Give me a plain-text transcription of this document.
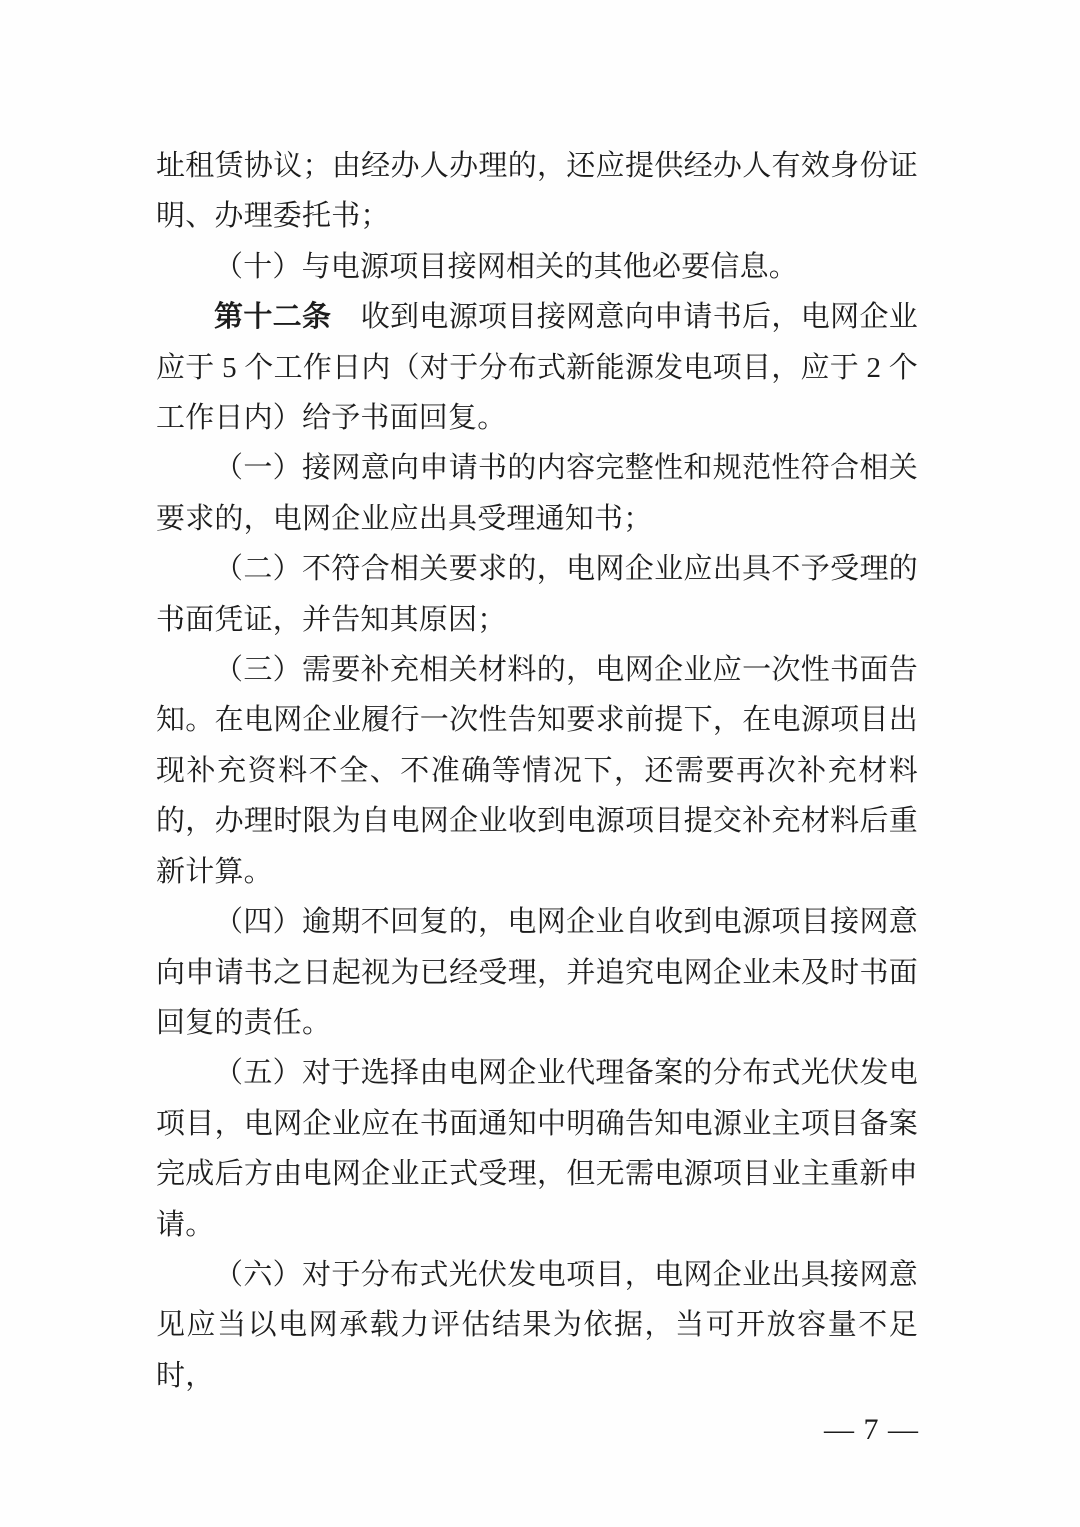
址租赁协议；由经办人办理的，还应提供经办人有效身份证明、办理委托书；

（十）与电源项目接网相关的其他必要信息。

第十二条　收到电源项目接网意向申请书后，电网企业应于 5 个工作日内（对于分布式新能源发电项目，应于 2 个工作日内）给予书面回复。

（一）接网意向申请书的内容完整性和规范性符合相关要求的，电网企业应出具受理通知书；

（二）不符合相关要求的，电网企业应出具不予受理的书面凭证，并告知其原因；

（三）需要补充相关材料的，电网企业应一次性书面告知。在电网企业履行一次性告知要求前提下，在电源项目出现补充资料不全、不准确等情况下，还需要再次补充材料的，办理时限为自电网企业收到电源项目提交补充材料后重新计算。

（四）逾期不回复的，电网企业自收到电源项目接网意向申请书之日起视为已经受理，并追究电网企业未及时书面回复的责任。

（五）对于选择由电网企业代理备案的分布式光伏发电项目，电网企业应在书面通知中明确告知电源业主项目备案完成后方由电网企业正式受理，但无需电源项目业主重新申请。

（六）对于分布式光伏发电项目，电网企业出具接网意见应当以电网承载力评估结果为依据，当可开放容量不足时，

— 7 —
